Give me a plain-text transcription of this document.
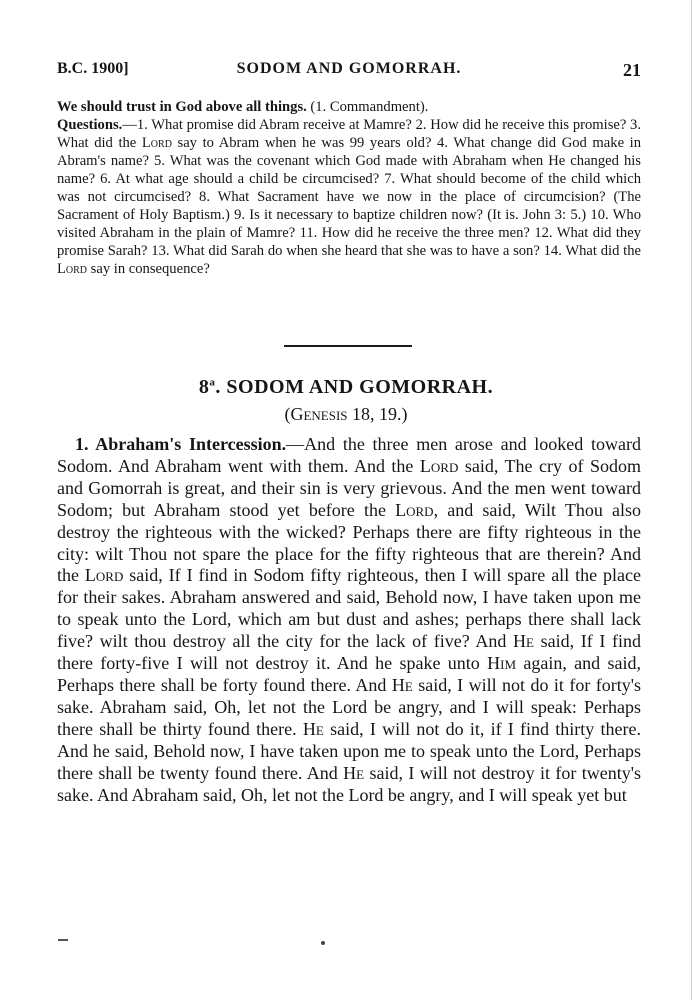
B.C. 1900]	SODOM AND GOMORRAH.	21

We should trust in God above all things. (1. Commandment).

Questions.—1. What promise did Abram receive at Mamre? 2. How did he receive this promise? 3. What did the Lord say to Abram when he was 99 years old? 4. What change did God make in Abram's name? 5. What was the covenant which God made with Abraham when He changed his name? 6. At what age should a child be circumcised? 7. What should become of the child which was not circumcised? 8. What Sacrament have we now in the place of circumcision? (The Sacrament of Holy Baptism.) 9. Is it necessary to baptize children now? (It is. John 3: 5.) 10. Who visited Abraham in the plain of Mamre? 11. How did he receive the three men? 12. What did they promise Sarah? 13. What did Sarah do when she heard that she was to have a son? 14. What did the Lord say in consequence?

8$^a$. SODOM AND GOMORRAH.
(Genesis 18, 19.)

1. Abraham's Intercession.—And the three men arose and looked toward Sodom. And Abraham went with them. And the Lord said, The cry of Sodom and Gomorrah is great, and their sin is very grievous. And the men went toward Sodom; but Abraham stood yet before the Lord, and said, Wilt Thou also destroy the righteous with the wicked? Perhaps there are fifty righteous in the city: wilt Thou not spare the place for the fifty righteous that are therein? And the Lord said, If I find in Sodom fifty righteous, then I will spare all the place for their sakes. Abraham answered and said, Behold now, I have taken upon me to speak unto the Lord, which am but dust and ashes; perhaps there shall lack five? wilt thou destroy all the city for the lack of five? And He said, If I find there forty-five I will not destroy it. And he spake unto Him again, and said, Perhaps there shall be forty found there. And He said, I will not do it for forty's sake. Abraham said, Oh, let not the Lord be angry, and I will speak: Perhaps there shall be thirty found there. He said, I will not do it, if I find thirty there. And he said, Behold now, I have taken upon me to speak unto the Lord, Perhaps there shall be twenty found there. And He said, I will not destroy it for twenty's sake. And Abraham said, Oh, let not the Lord be angry, and I will speak yet but
